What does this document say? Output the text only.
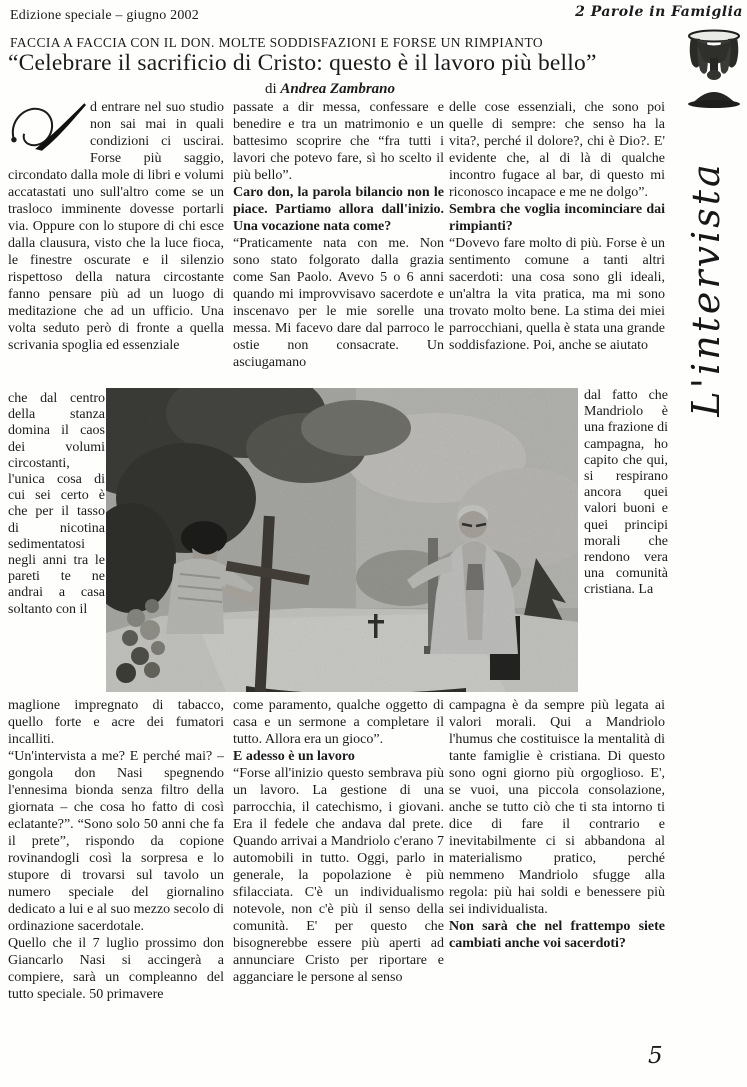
Edizione speciale – giugno 2002	2 Parole in Famiglia
FACCIA A FACCIA CON IL DON. MOLTE SODDISFAZIONI E FORSE UN RIMPIANTO
“Celebrare il sacrificio di Cristo: questo è il lavoro più bello”
di Andrea Zambrano
d entrare nel suo studio non sai mai in quali condizioni ci uscirai. Forse più saggio, circondato dalla mole di libri e volumi accatastati uno sull'altro come se un trasloco imminente dovesse portarli via. Oppure con lo stupore di chi esce dalla clausura, visto che la luce fioca, le finestre oscurate e il silenzio rispettoso della natura circostante fanno pensare più ad un luogo di meditazione che ad un ufficio. Una volta seduto però di fronte a quella scrivania spoglia ed essenziale

passate a dir messa, confessare e benedire e tra un matrimonio e un battesimo scoprire che “fra tutti i lavori che potevo fare, sì ho scelto il più bello”.

Caro don, la parola bilancio non le piace. Partiamo allora dall'inizio. Una vocazione nata come?

“Praticamente nata con me. Non sono stato folgorato dalla grazia come San Paolo. Avevo 5 o 6 anni quando mi improvvisavo sacerdote e inscenavo per le mie sorelle una messa. Mi facevo dare dal parroco le ostie non consacrate. Un asciugamano

delle cose essenziali, che sono poi quelle di sempre: che senso ha la vita?, perché il dolore?, chi è Dio?. E' evidente che, al di là di qualche incontro fugace al bar, di questo mi riconosco incapace e me ne dolgo”.

Sembra che voglia incominciare dai rimpianti?

“Dovevo fare molto di più. Forse è un sentimento comune a tanti altri sacerdoti: una cosa sono gli ideali, un'altra la vita pratica, ma mi sono trovato molto bene. La stima dei miei parrocchiani, quella è stata una grande soddisfazione. Poi, anche se aiutato

che dal centro della stanza domina il caos dei volumi circostanti, l'unica cosa di cui sei certo è che per il tasso di nicotina sedimentatosi negli anni tra le pareti te ne andrai a casa soltanto con il
dal fatto che Mandriolo è una frazione di campagna, ho capito che qui, si respirano ancora quei valori buoni e quei principi morali che rendono vera una comunità cristiana. La

maglione impregnato di tabacco, quello forte e acre dei fumatori incalliti.

“Un'intervista a me? E perché mai? – gongola don Nasi spegnendo l'ennesima bionda senza filtro della giornata – che cosa ho fatto di così eclatante?”. “Sono solo 50 anni che fa il prete”, rispondo da copione rovinandogli così la sorpresa e lo stupore di trovarsi sul tavolo un numero speciale del giornalino dedicato a lui e al suo mezzo secolo di ordinazione sacerdotale.

Quello che il 7 luglio prossimo don Giancarlo Nasi si accingerà a compiere, sarà un compleanno del tutto speciale. 50 primavere

come paramento, qualche oggetto di casa e un sermone a completare il tutto. Allora era un gioco”.

E adesso è un lavoro

“Forse all'inizio questo sembrava più un lavoro. La gestione di una parrocchia, il catechismo, i giovani. Era il fedele che andava dal prete. Quando arrivai a Mandriolo c'erano 7 automobili in tutto. Oggi, parlo in generale, la popolazione è più sfilacciata. C'è un individualismo notevole, non c'è più il senso della comunità. E' per questo che bisognerebbe essere più aperti ad annunciare Cristo per riportare e agganciare le persone al senso

campagna è da sempre più legata ai valori morali. Qui a Mandriolo l'humus che costituisce la mentalità di tante famiglie è cristiana. Di questo sono ogni giorno più orgoglioso. E', se vuoi, una piccola consolazione, anche se tutto ciò che ti sta intorno ti dice di fare il contrario e inevitabilmente ci si abbandona al materialismo pratico, perché nemmeno Mandriolo sfugge alla regola: più hai soldi e benessere più sei individualista.

Non sarà che nel frattempo siete cambiati anche voi sacerdoti?

L'intervista
5
